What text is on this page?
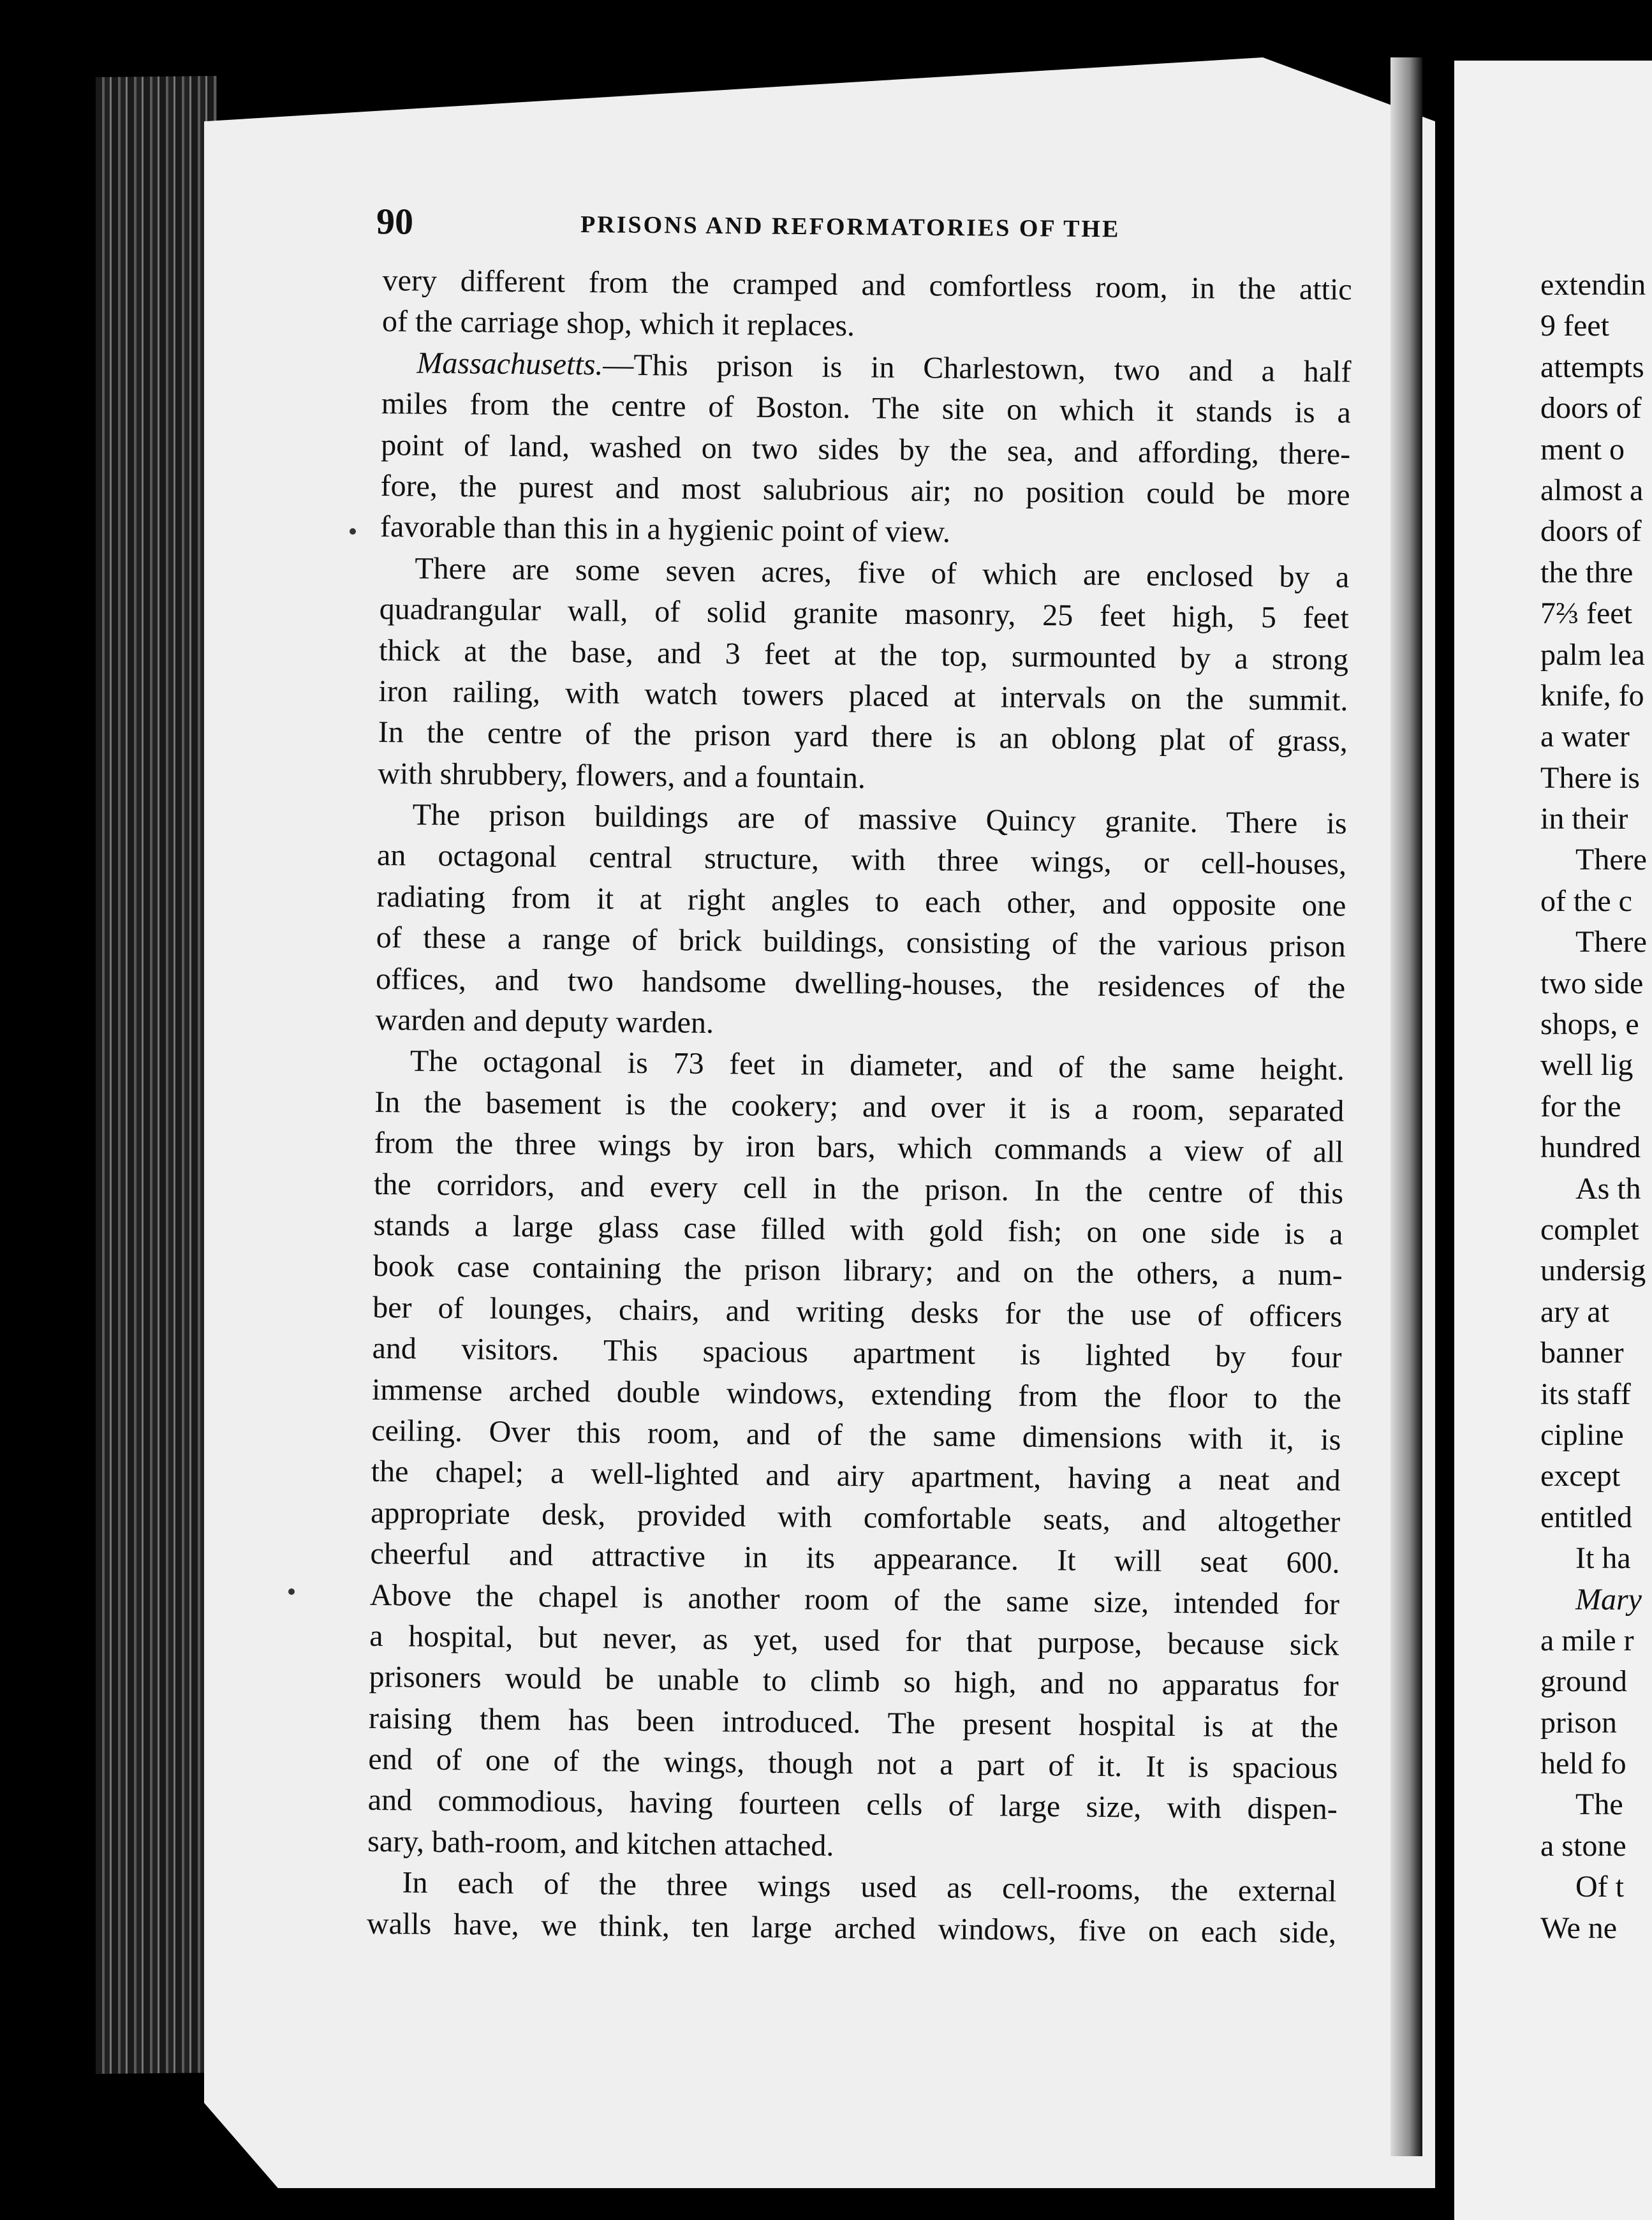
90	PRISONS AND REFORMATORIES OF THE
very different from the cramped and comfortless room, in the attic
of the carriage shop, which it replaces.
Massachusetts.—This prison is in Charlestown, two and a half
miles from the centre of Boston. The site on which it stands is a
point of land, washed on two sides by the sea, and affording, there-
fore, the purest and most salubrious air; no position could be more
favorable than this in a hygienic point of view.
There are some seven acres, five of which are enclosed by a
quadrangular wall, of solid granite masonry, 25 feet high, 5 feet
thick at the base, and 3 feet at the top, surmounted by a strong
iron railing, with watch towers placed at intervals on the summit.
In the centre of the prison yard there is an oblong plat of grass,
with shrubbery, flowers, and a fountain.
The prison buildings are of massive Quincy granite. There is
an octagonal central structure, with three wings, or cell-houses,
radiating from it at right angles to each other, and opposite one
of these a range of brick buildings, consisting of the various prison
offices, and two handsome dwelling-houses, the residences of the
warden and deputy warden.
The octagonal is 73 feet in diameter, and of the same height.
In the basement is the cookery; and over it is a room, separated
from the three wings by iron bars, which commands a view of all
the corridors, and every cell in the prison. In the centre of this
stands a large glass case filled with gold fish; on one side is a
book case containing the prison library; and on the others, a num-
ber of lounges, chairs, and writing desks for the use of officers
and visitors. This spacious apartment is lighted by four
immense arched double windows, extending from the floor to the
ceiling. Over this room, and of the same dimensions with it, is
the chapel; a well-lighted and airy apartment, having a neat and
appropriate desk, provided with comfortable seats, and altogether
cheerful and attractive in its appearance. It will seat 600.
Above the chapel is another room of the same size, intended for
a hospital, but never, as yet, used for that purpose, because sick
prisoners would be unable to climb so high, and no apparatus for
raising them has been introduced. The present hospital is at the
end of one of the wings, though not a part of it. It is spacious
and commodious, having fourteen cells of large size, with dispen-
sary, bath-room, and kitchen attached.
In each of the three wings used as cell-rooms, the external
walls have, we think, ten large arched windows, five on each side,
extendin
9 feet
attempts
doors of
ment o
almost a
doors of
the thre
7⅔ feet
palm lea
knife, fo
a water
There is
in their
There
of the c
There
two side
shops, e
well lig
for the
hundred
As th
complet
undersig
ary at
banner
its staff
cipline
except
entitled
It ha
Mary
a mile r
ground
prison
held fo
The
a stone
Of t
We ne
